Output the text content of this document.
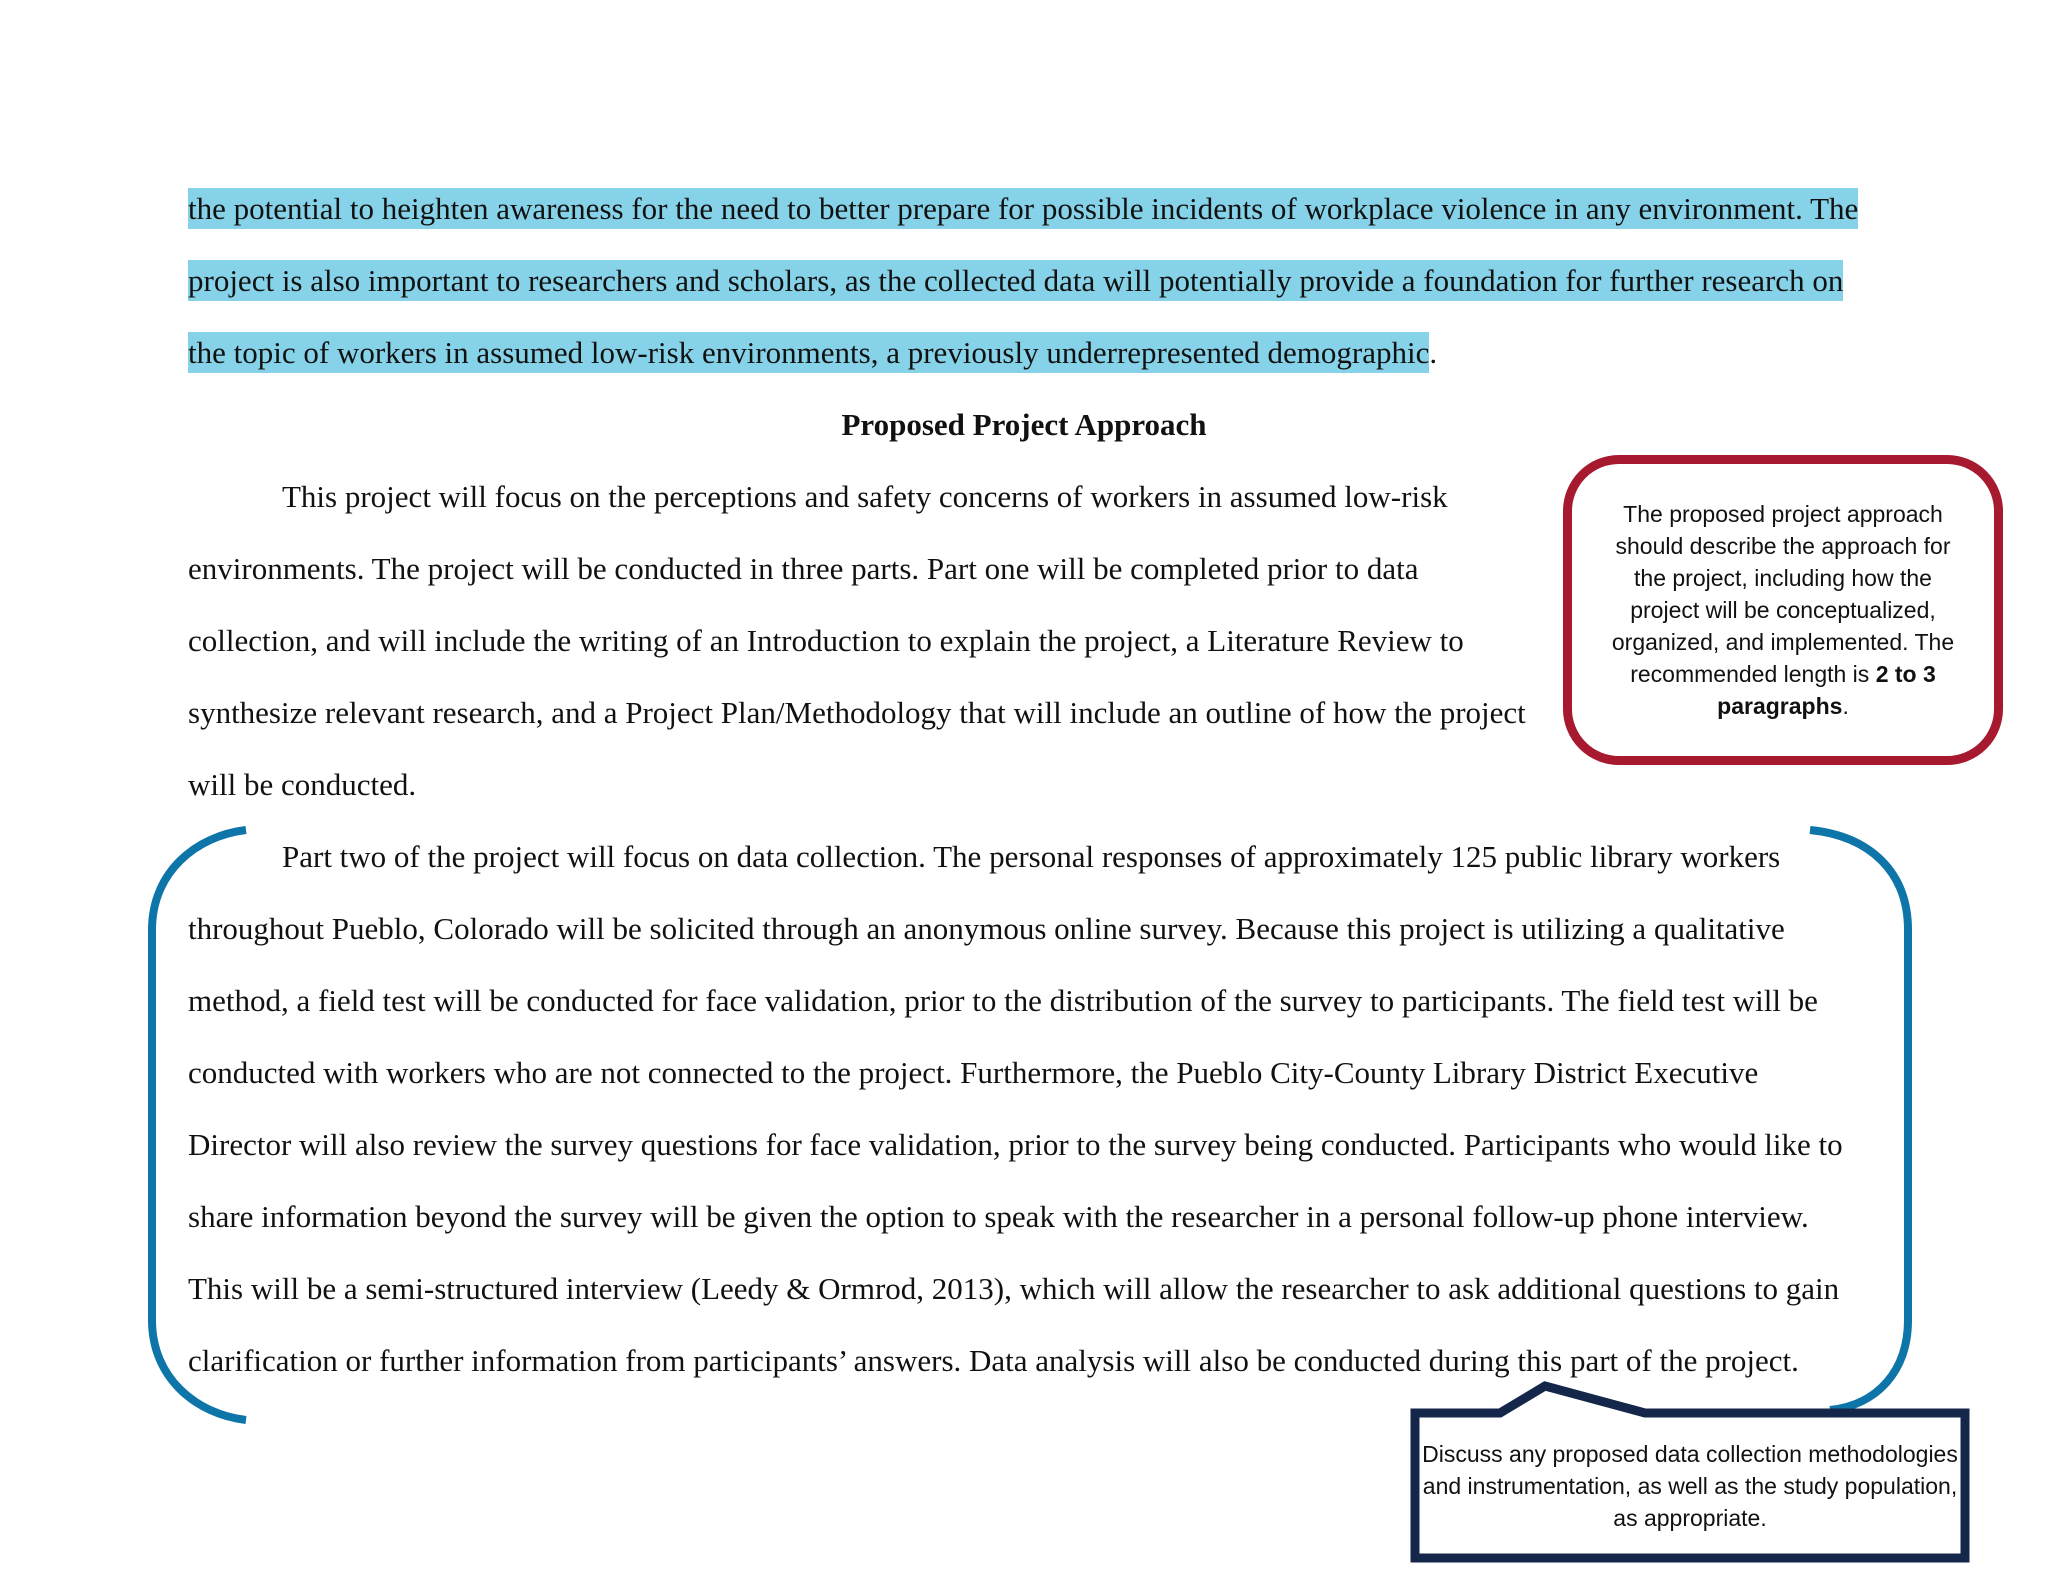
the potential to heighten awareness for the need to better prepare for possible incidents of workplace violence in any environment. The
project is also important to researchers and scholars, as the collected data will potentially provide a foundation for further research on
the topic of workers in assumed low-risk environments, a previously underrepresented demographic.
Proposed Project Approach
This project will focus on the perceptions and safety concerns of workers in assumed low-risk
environments. The project will be conducted in three parts. Part one will be completed prior to data
collection, and will include the writing of an Introduction to explain the project, a Literature Review to
synthesize relevant research, and a Project Plan/Methodology that will include an outline of how the project
will be conducted.
Part two of the project will focus on data collection. The personal responses of approximately 125 public library workers
throughout Pueblo, Colorado will be solicited through an anonymous online survey. Because this project is utilizing a qualitative
method, a field test will be conducted for face validation, prior to the distribution of the survey to participants. The field test will be
conducted with workers who are not connected to the project. Furthermore, the Pueblo City-County Library District Executive
Director will also review the survey questions for face validation, prior to the survey being conducted. Participants who would like to
share information beyond the survey will be given the option to speak with the researcher in a personal follow-up phone interview.
This will be a semi-structured interview (Leedy & Ormrod, 2013), which will allow the researcher to ask additional questions to gain
clarification or further information from participants’ answers. Data analysis will also be conducted during this part of the project.

The proposed project approach should describe the approach for the project, including how the project will be conceptualized, organized, and implemented. The recommended length is 2 to 3 paragraphs.

Discuss any proposed data collection methodologies and instrumentation, as well as the study population, as appropriate.
